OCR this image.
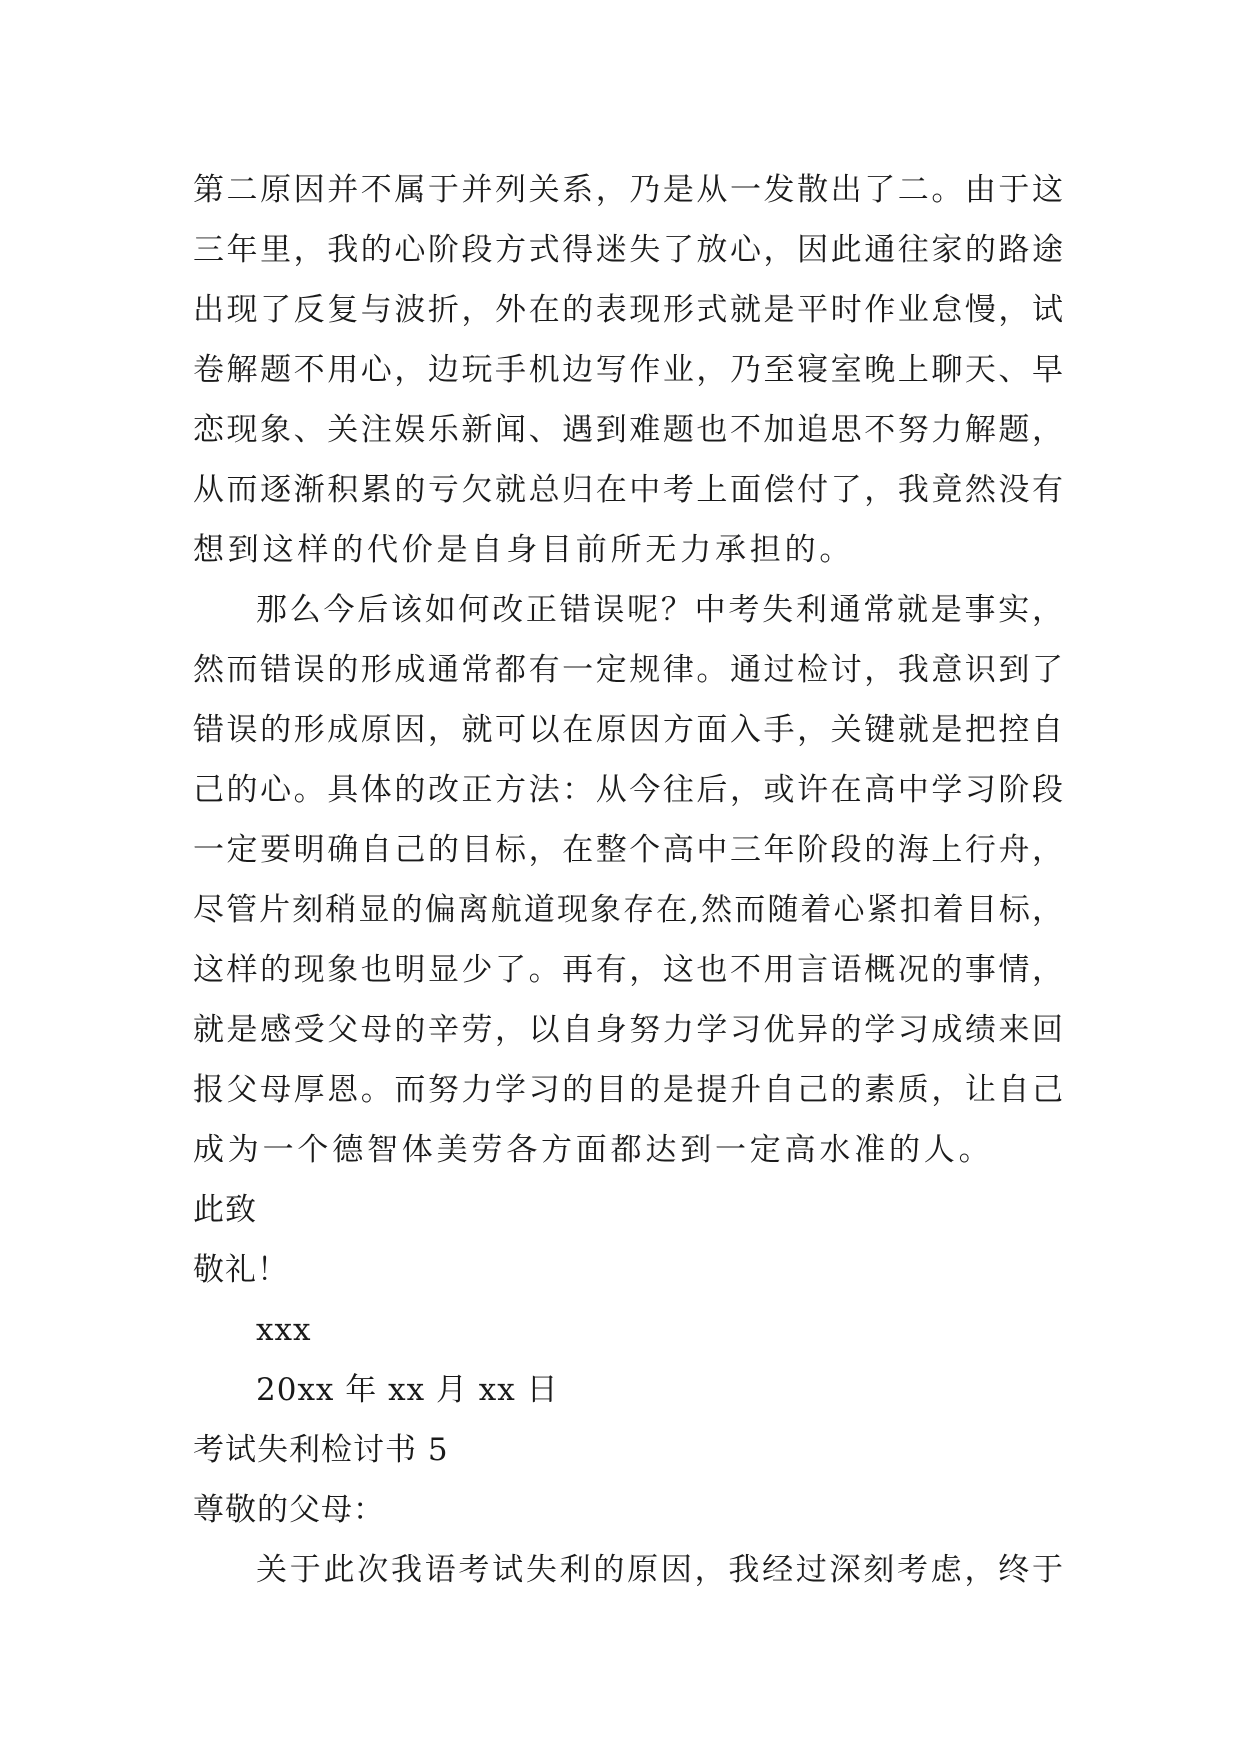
第二原因并不属于并列关系，乃是从一发散出了二。由于这
三年里，我的心阶段方式得迷失了放心，因此通往家的路途
出现了反复与波折，外在的表现形式就是平时作业怠慢，试
卷解题不用心，边玩手机边写作业，乃至寝室晚上聊天、早
恋现象、关注娱乐新闻、遇到难题也不加追思不努力解题，
从而逐渐积累的亏欠就总归在中考上面偿付了，我竟然没有
想到这样的代价是自身目前所无力承担的。
那么今后该如何改正错误呢？中考失利通常就是事实，
然而错误的形成通常都有一定规律。通过检讨，我意识到了
错误的形成原因，就可以在原因方面入手，关键就是把控自
己的心。具体的改正方法：从今往后，或许在高中学习阶段
一定要明确自己的目标，在整个高中三年阶段的海上行舟，
尽管片刻稍显的偏离航道现象存在,然而随着心紧扣着目标，
这样的现象也明显少了。再有，这也不用言语概况的事情，
就是感受父母的辛劳，以自身努力学习优异的学习成绩来回
报父母厚恩。而努力学习的目的是提升自己的素质，让自己
成为一个德智体美劳各方面都达到一定高水准的人。
此致
敬礼！
xxx
20xx 年 xx 月 xx 日
考试失利检讨书 5
尊敬的父母：
关于此次我语考试失利的原因，我经过深刻考虑，终于
